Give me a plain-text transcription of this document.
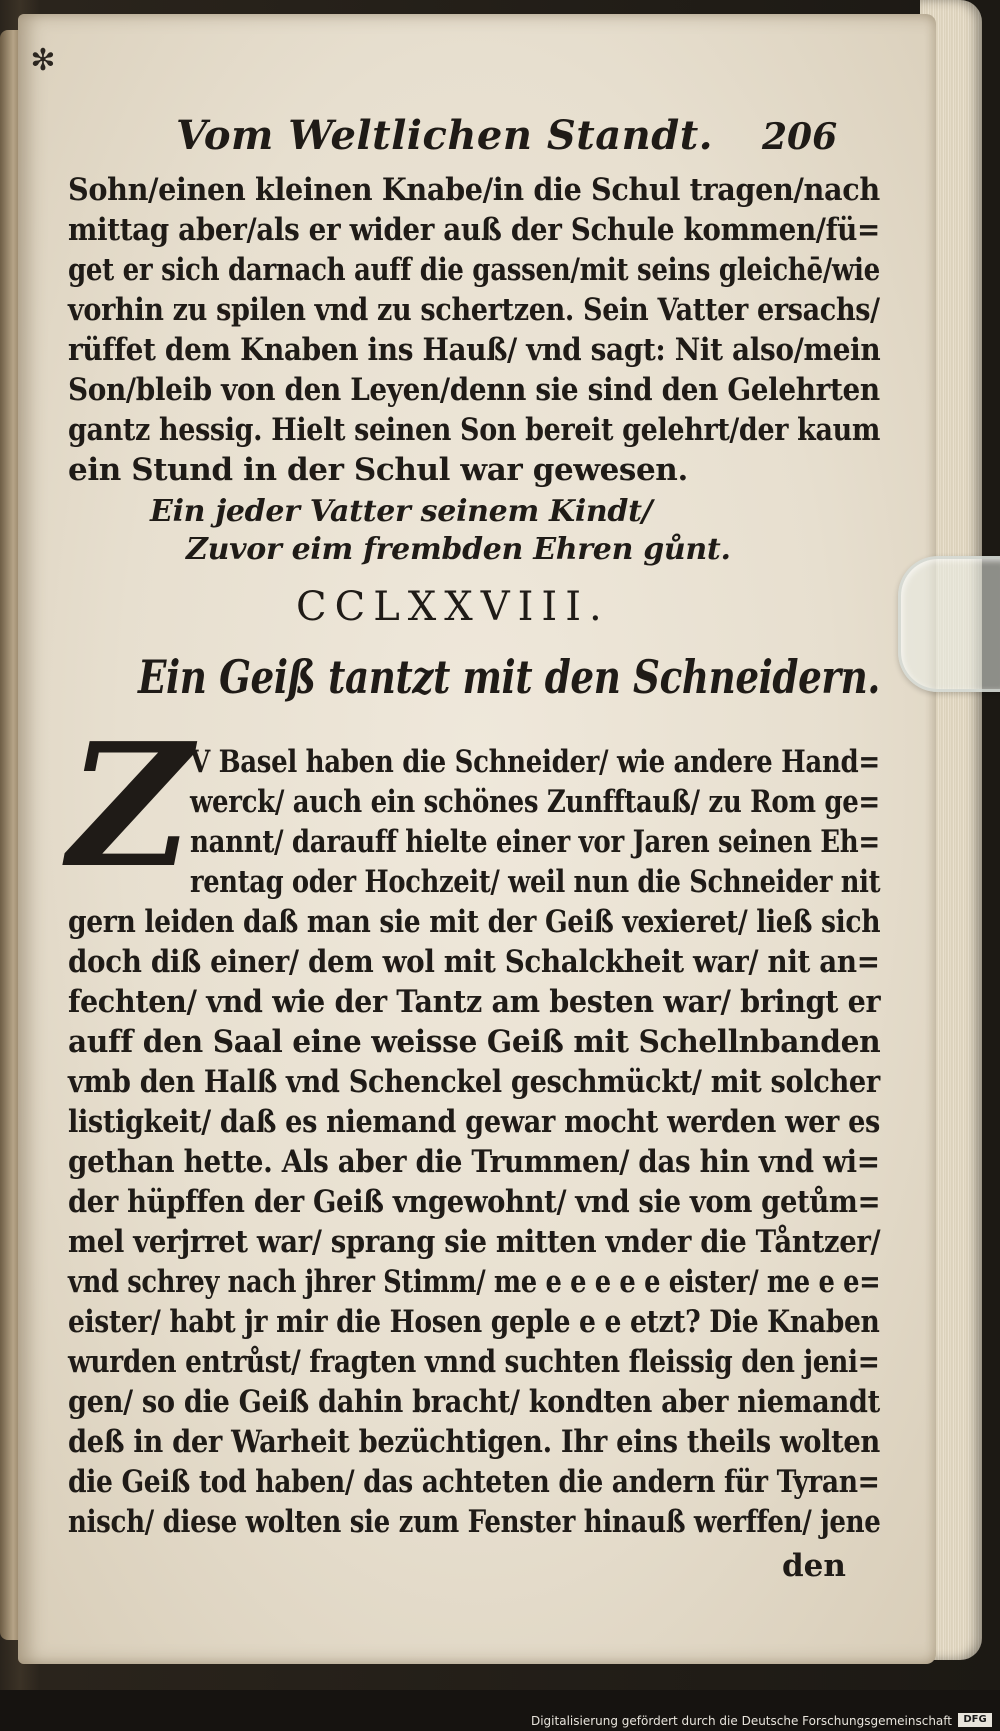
✻
Vom Weltlichen Standt. 206
Sohn/einen kleinen Knabe/in die Schul tragen/nach
mittag aber/als er wider auß der Schule kommen/fü=
get er sich darnach auff die gassen/mit seins gleichē/wie
vorhin zu spilen vnd zu schertzen. Sein Vatter ersachs/
rüffet dem Knaben ins Hauß/ vnd sagt: Nit also/mein
Son/bleib von den Leyen/denn sie sind den Gelehrten
gantz hessig. Hielt seinen Son bereit gelehrt/der kaum
ein Stund in der Schul war gewesen.
Ein jeder Vatter seinem Kindt/
Zuvor eim frembden Ehren gůnt.
CCLXXVIII.
Ein Geiß tantzt mit den Schneidern.
Z
V Basel haben die Schneider/ wie andere Hand=
werck/ auch ein schönes Zunfftauß/ zu Rom ge=
nannt/ darauff hielte einer vor Jaren seinen Eh=
rentag oder Hochzeit/ weil nun die Schneider nit
gern leiden daß man sie mit der Geiß vexieret/ ließ sich
doch diß einer/ dem wol mit Schalckheit war/ nit an=
fechten/ vnd wie der Tantz am besten war/ bringt er
auff den Saal eine weisse Geiß mit Schellnbanden
vmb den Halß vnd Schenckel geschmückt/ mit solcher
listigkeit/ daß es niemand gewar mocht werden wer es
gethan hette. Als aber die Trummen/ das hin vnd wi=
der hüpffen der Geiß vngewohnt/ vnd sie vom getům=
mel verjrret war/ sprang sie mitten vnder die Tåntzer/
vnd schrey nach jhrer Stimm/ me e e e e e eister/ me e e=
eister/ habt jr mir die Hosen geple e e etzt? Die Knaben
wurden entrůst/ fragten vnnd suchten fleissig den jeni=
gen/ so die Geiß dahin bracht/ kondten aber niemandt
deß in der Warheit bezüchtigen. Ihr eins theils wolten
die Geiß tod haben/ das achteten die andern für Tyran=
nisch/ diese wolten sie zum Fenster hinauß werffen/ jene
den
Digitalisierung gefördert durch die Deutsche Forschungsgemeinschaft	DFG
